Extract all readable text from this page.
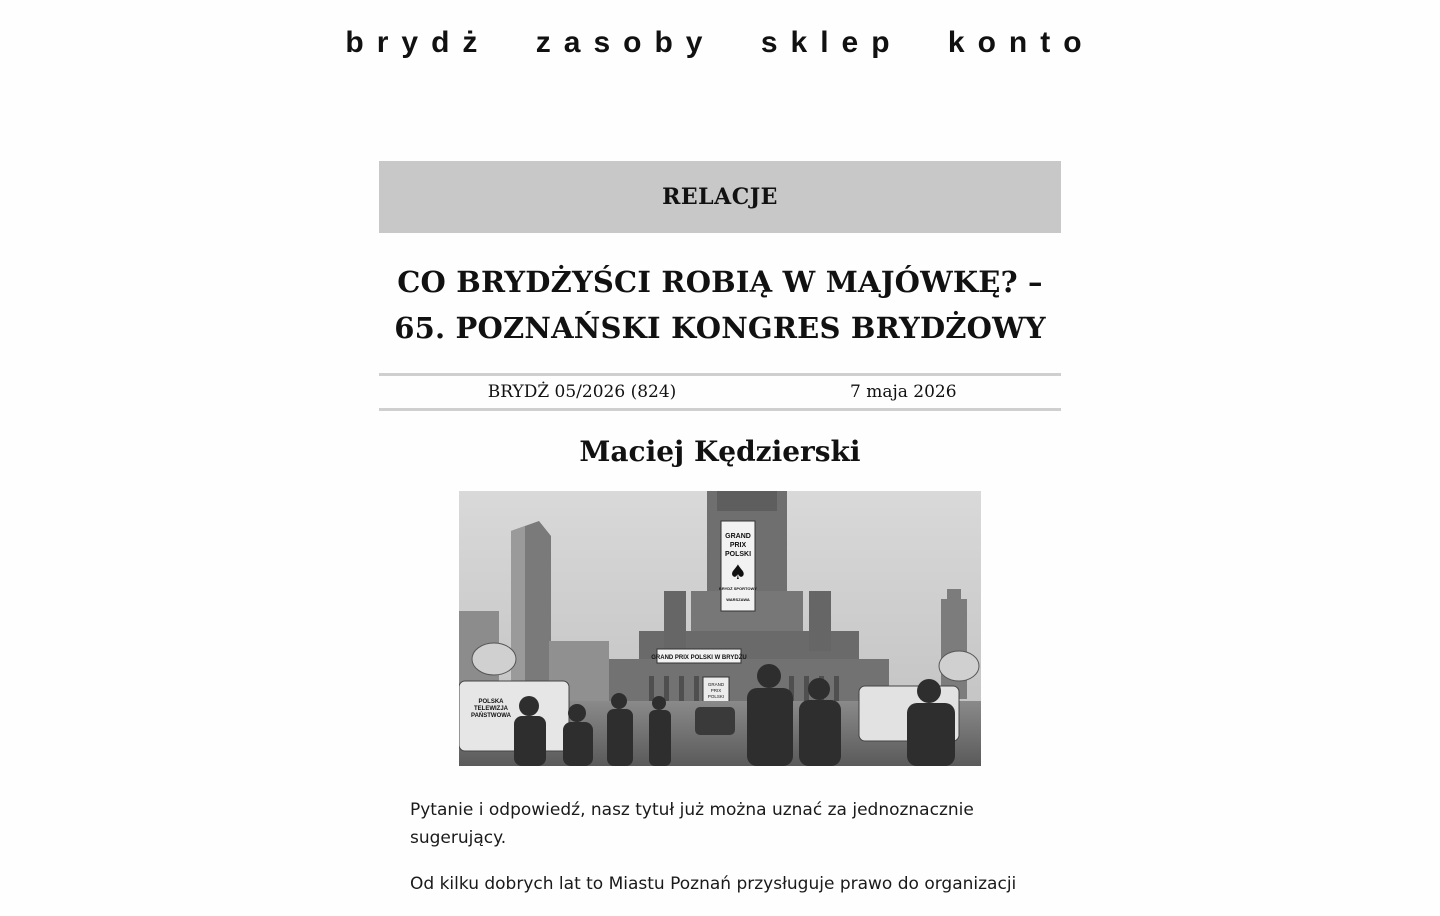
brydż zasoby sklep konto
RELACJE
CO BRYDŻYŚCI ROBIĄ W MAJÓWKĘ? –
65. POZNAŃSKI KONGRES BRYDŻOWY
BRYDŻ 05/2026 (824)	7 maja 2026
Maciej Kędzierski
GRAND
PRIX
POLSKI
♠
BRYDŻ SPORTOWY
WARSZAWA
GRAND PRIX POLSKI W BRYDŻU
GRAND
PRIX
POLSKI
POLSKA
TELEWIZJA
PAŃSTWOWA

Pytanie i odpowiedź, nasz tytuł już można uznać za jednoznacznie sugerujący.

Od kilku dobrych lat to Miastu Poznań przysługuje prawo do organizacji
